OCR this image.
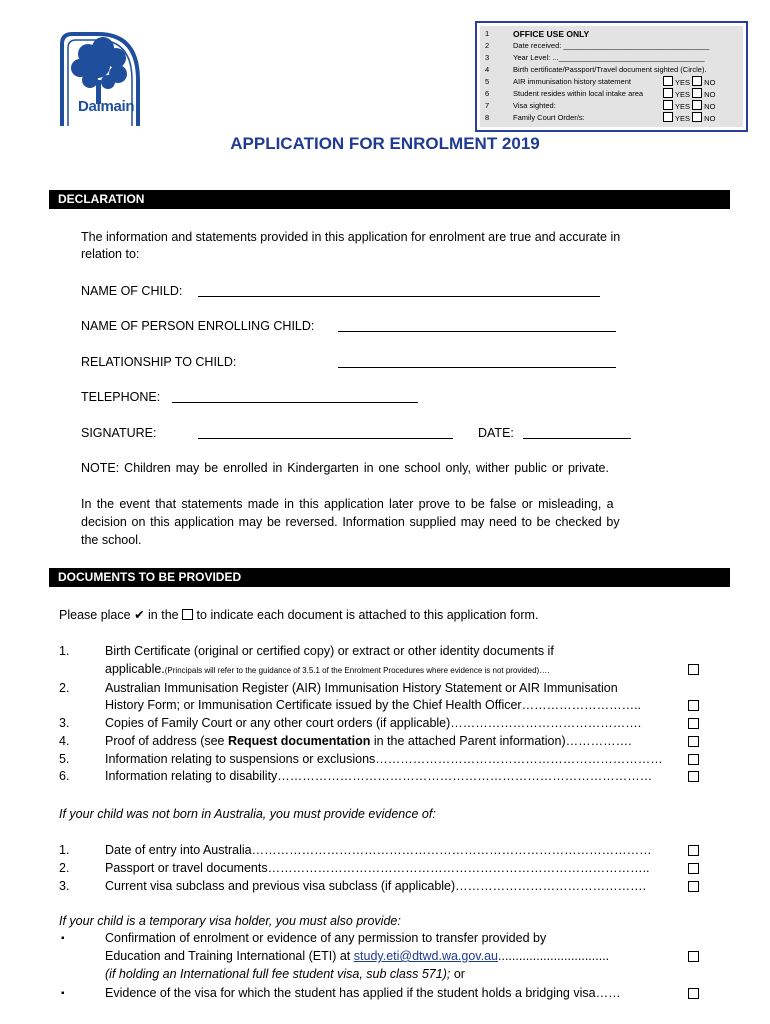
Dalmain
1	OFFICE USE ONLY
2	Date received: ___________________________________
3	Year Level: ...___________________________________
4	Birth certificate/Passport/Travel document sighted (Circle).
5	AIR immunisation history statement	YES NO
6	Student resides within local intake area	YES NO
7	Visa sighted:	YES NO
8	Family Court Order/s:	YES NO
APPLICATION FOR ENROLMENT 2019
DECLARATION
The information and statements provided in this application for enrolment are true and accurate in
relation to:
NAME OF CHILD:
NAME OF PERSON ENROLLING CHILD:
RELATIONSHIP TO CHILD:
TELEPHONE:
SIGNATURE:	DATE:
NOTE: Children may be enrolled in Kindergarten in one school only, wither public or private.
In the event that statements made in this application later prove to be false or misleading, a
decision on this application may be reversed. Information supplied may need to be checked by
the school.
DOCUMENTS TO BE PROVIDED
Please place ✔ in the  to indicate each document is attached to this application form.
1.	Birth Certificate (original or certified copy) or extract or other identity documents if
applicable.(Principals will refer to the guidance of 3.5.1 of the Enrolment Procedures where evidence is not provided)….
2.	Australian Immunisation Register (AIR) Immunisation History Statement or AIR Immunisation
History Form; or Immunisation Certificate issued by the Chief Health Officer………………………..
3.	Copies of Family Court or any other court orders (if applicable)……………………………………….
4.	Proof of address (see Request documentation in the attached Parent information)…………….
5.	Information relating to suspensions or exclusions……………………………………………………………
6.	Information relating to disability………………………………………………………………………………
If your child was not born in Australia, you must provide evidence of:
1.	Date of entry into Australia……………………………………………………………………………………
2.	Passport or travel documents………………………………………………………………………………..
3.	Current visa subclass and previous visa subclass (if applicable)……………………………………….
If your child is a temporary visa holder, you must also provide:
▪	Confirmation of enrolment or evidence of any permission to transfer provided by
Education and Training International (ETI) at study.eti@dtwd.wa.gov.au................................
(if holding an International full fee student visa, sub class 571); or
▪	Evidence of the visa for which the student has applied if the student holds a bridging visa……
